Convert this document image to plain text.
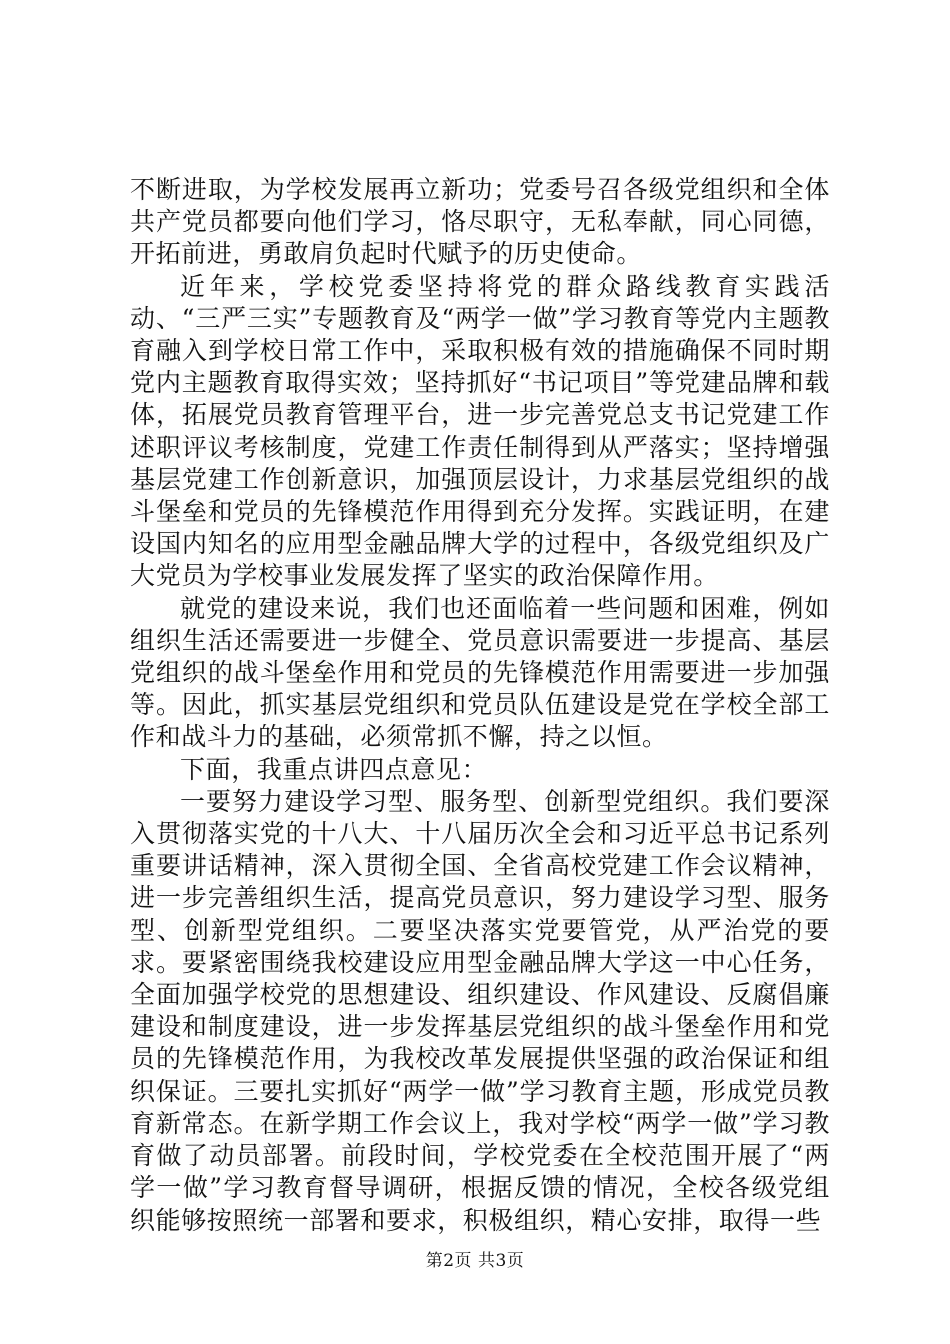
不断进取，为学校发展再立新功；党委号召各级党组织和全体共产党员都要向他们学习，恪尽职守，无私奉献，同心同德，开拓前进，勇敢肩负起时代赋予的历史使命。

近年来，学校党委坚持将党的群众路线教育实践活动、“三严三实”专题教育及“两学一做”学习教育等党内主题教育融入到学校日常工作中，采取积极有效的措施确保不同时期党内主题教育取得实效；坚持抓好“书记项目”等党建品牌和载体，拓展党员教育管理平台，进一步完善党总支书记党建工作述职评议考核制度，党建工作责任制得到从严落实；坚持增强基层党建工作创新意识，加强顶层设计，力求基层党组织的战斗堡垒和党员的先锋模范作用得到充分发挥。实践证明，在建设国内知名的应用型金融品牌大学的过程中，各级党组织及广大党员为学校事业发展发挥了坚实的政治保障作用。

就党的建设来说，我们也还面临着一些问题和困难，例如组织生活还需要进一步健全、党员意识需要进一步提高、基层党组织的战斗堡垒作用和党员的先锋模范作用需要进一步加强等。因此，抓实基层党组织和党员队伍建设是党在学校全部工作和战斗力的基础，必须常抓不懈，持之以恒。

下面，我重点讲四点意见：

一要努力建设学习型、服务型、创新型党组织。我们要深入贯彻落实党的十八大、十八届历次全会和习近平总书记系列重要讲话精神，深入贯彻全国、全省高校党建工作会议精神，进一步完善组织生活，提高党员意识，努力建设学习型、服务型、创新型党组织。二要坚决落实党要管党，从严治党的要求。要紧密围绕我校建设应用型金融品牌大学这一中心任务，全面加强学校党的思想建设、组织建设、作风建设、反腐倡廉建设和制度建设，进一步发挥基层党组织的战斗堡垒作用和党员的先锋模范作用，为我校改革发展提供坚强的政治保证和组织保证。三要扎实抓好“两学一做”学习教育主题，形成党员教育新常态。在新学期工作会议上，我对学校“两学一做”学习教育做了动员部署。前段时间，学校党委在全校范围开展了“两学一做”学习教育督导调研，根据反馈的情况，全校各级党组织能够按照统一部署和要求，积极组织，精心安排，取得一些

第2页 共3页
